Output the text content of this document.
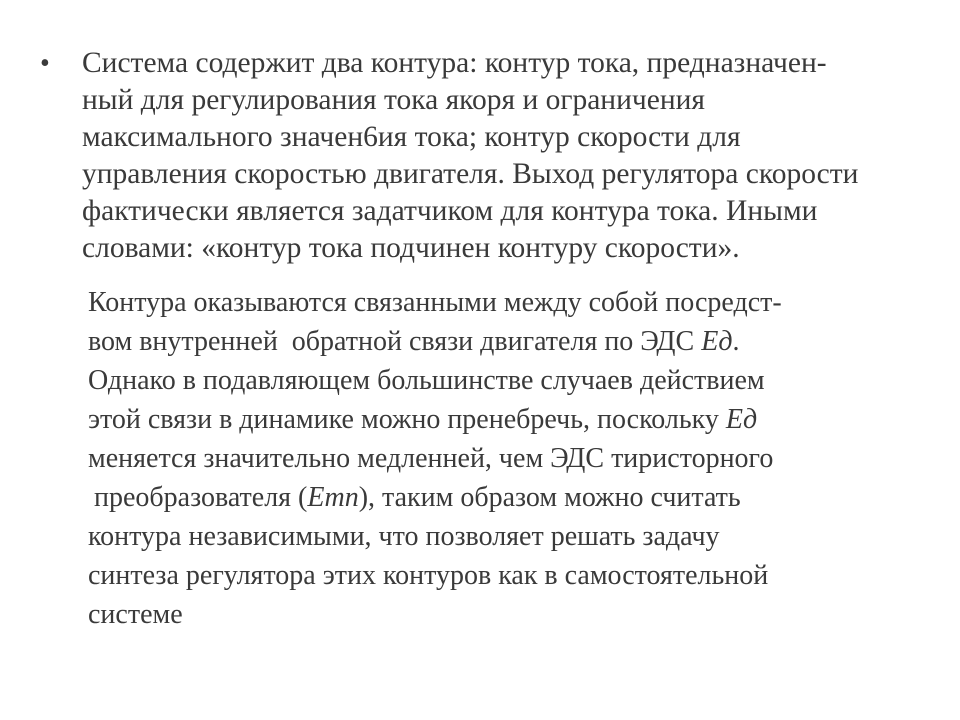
• Система содержит два контура: контур тока, предназначен-
ный для регулирования тока якоря и ограничения
максимального значен6ия тока; контур скорости для
управления скоростью двигателя. Выход регулятора скорости
фактически является задатчиком для контура тока. Иными
словами: «контур тока подчинен контуру скорости».
Контура оказываются связанными между собой посредст-
вом внутренней  обратной связи двигателя по ЭДС Ед.
Однако в подавляющем большинстве случаев действием
этой связи в динамике можно пренебречь, поскольку Ед
меняется значительно медленней, чем ЭДС тиристорного
преобразователя (Етп), таким образом можно считать
контура независимыми, что позволяет решать задачу
синтеза регулятора этих контуров как в самостоятельной
системе
